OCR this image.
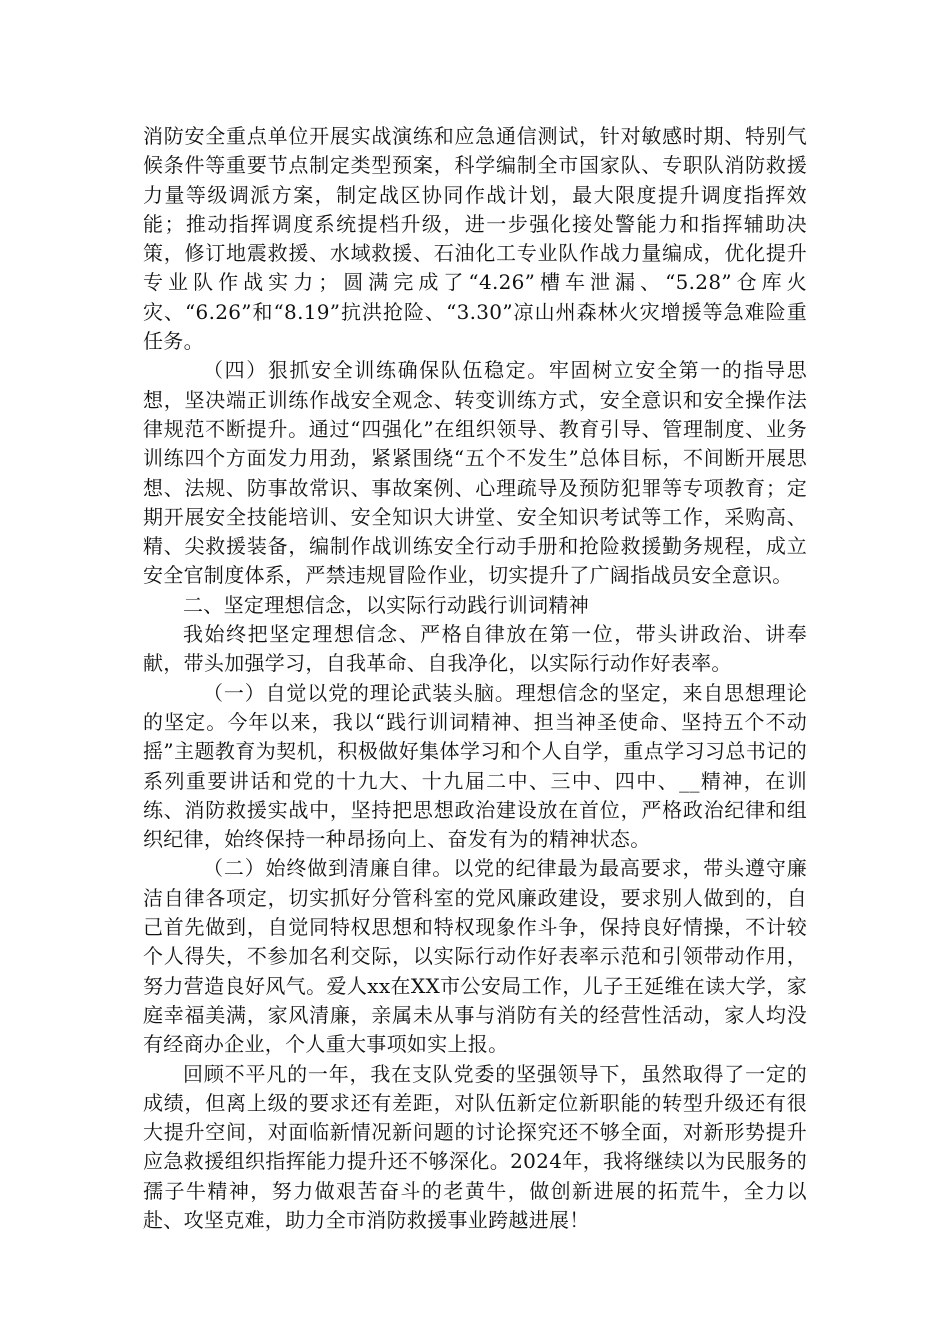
消防安全重点单位开展实战演练和应急通信测试，针对敏感时期、特别气候条件等重要节点制定类型预案，科学编制全市国家队、专职队消防救援力量等级调派方案，制定战区协同作战计划，最大限度提升调度指挥效能；推动指挥调度系统提档升级，进一步强化接处警能力和指挥辅助决策，修订地震救援、水域救援、石油化工专业队作战力量编成，优化提升专业队作战实力；圆满完成了“4.26”槽车泄漏、“5.28”仓库火灾、“6.26”和“8.19”抗洪抢险、“3.30”凉山州森林火灾增援等急难险重任务。

（四）狠抓安全训练确保队伍稳定。牢固树立安全第一的指导思想，坚决端正训练作战安全观念、转变训练方式，安全意识和安全操作法律规范不断提升。通过“四强化”在组织领导、教育引导、管理制度、业务训练四个方面发力用劲，紧紧围绕“五个不发生”总体目标，不间断开展思想、法规、防事故常识、事故案例、心理疏导及预防犯罪等专项教育；定期开展安全技能培训、安全知识大讲堂、安全知识考试等工作，采购高、精、尖救援装备，编制作战训练安全行动手册和抢险救援勤务规程，成立安全官制度体系，严禁违规冒险作业，切实提升了广阔指战员安全意识。

二、坚定理想信念，以实际行动践行训词精神

我始终把坚定理想信念、严格自律放在第一位，带头讲政治、讲奉献，带头加强学习，自我革命、自我净化，以实际行动作好表率。

（一）自觉以党的理论武装头脑。理想信念的坚定，来自思想理论的坚定。今年以来，我以“践行训词精神、担当神圣使命、坚持五个不动摇”主题教育为契机，积极做好集体学习和个人自学，重点学习习总书记的系列重要讲话和党的十九大、十九届二中、三中、四中、__精神，在训练、消防救援实战中，坚持把思想政治建设放在首位，严格政治纪律和组织纪律，始终保持一种昂扬向上、奋发有为的精神状态。

（二）始终做到清廉自律。以党的纪律最为最高要求，带头遵守廉洁自律各项定，切实抓好分管科室的党风廉政建设，要求别人做到的，自己首先做到，自觉同特权思想和特权现象作斗争，保持良好情操，不计较个人得失，不参加名利交际，以实际行动作好表率示范和引领带动作用，努力营造良好风气。爱人xx在XX市公安局工作，儿子王延维在读大学，家庭幸福美满，家风清廉，亲属未从事与消防有关的经营性活动，家人均没有经商办企业，个人重大事项如实上报。

回顾不平凡的一年，我在支队党委的坚强领导下，虽然取得了一定的成绩，但离上级的要求还有差距，对队伍新定位新职能的转型升级还有很大提升空间，对面临新情况新问题的讨论探究还不够全面，对新形势提升应急救援组织指挥能力提升还不够深化。2024年，我将继续以为民服务的孺子牛精神，努力做艰苦奋斗的老黄牛，做创新进展的拓荒牛，全力以赴、攻坚克难，助力全市消防救援事业跨越进展！
